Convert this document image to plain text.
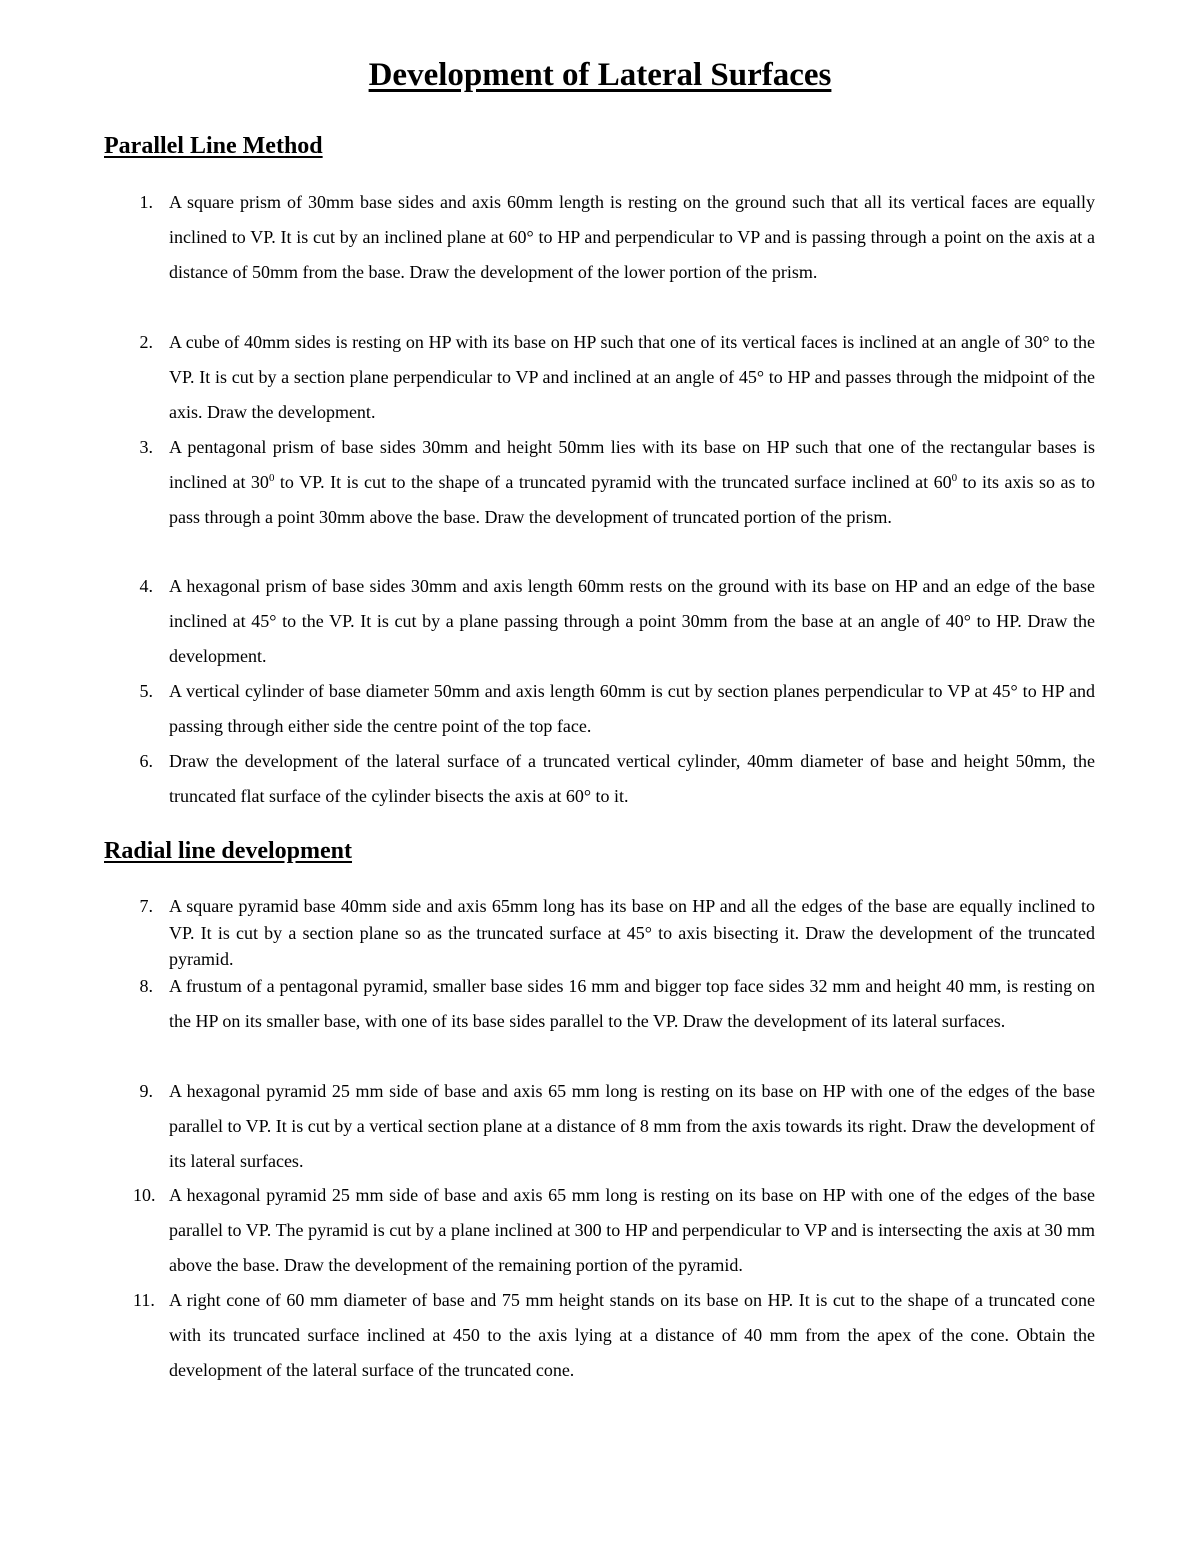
Development of Lateral Surfaces
Parallel Line Method
1. A square prism of 30mm base sides and axis 60mm length is resting on the ground such that all its vertical faces are equally inclined to VP. It is cut by an inclined plane at 60° to HP and perpendicular to VP and is passing through a point on the axis at a distance of 50mm from the base. Draw the development of the lower portion of the prism.
2. A cube of 40mm sides is resting on HP with its base on HP such that one of its vertical faces is inclined at an angle of 30° to the VP. It is cut by a section plane perpendicular to VP and inclined at an angle of 45° to HP and passes through the midpoint of the axis. Draw the development.
3. A pentagonal prism of base sides 30mm and height 50mm lies with its base on HP such that one of the rectangular bases is inclined at $30^0$ to VP. It is cut to the shape of a truncated pyramid with the truncated surface inclined at $60^0$ to its axis so as to pass through a point 30mm above the base. Draw the development of truncated portion of the prism.
4. A hexagonal prism of base sides 30mm and axis length 60mm rests on the ground with its base on HP and an edge of the base inclined at 45° to the VP. It is cut by a plane passing through a point 30mm from the base at an angle of 40° to HP. Draw the development.
5. A vertical cylinder of base diameter 50mm and axis length 60mm is cut by section planes perpendicular to VP at 45° to HP and passing through either side the centre point of the top face.
6. Draw the development of the lateral surface of a truncated vertical cylinder, 40mm diameter of base and height 50mm, the truncated flat surface of the cylinder bisects the axis at 60° to it.
Radial line development
7. A square pyramid base 40mm side and axis 65mm long has its base on HP and all the edges of the base are equally inclined to VP. It is cut by a section plane so as the truncated surface at 45° to axis bisecting it. Draw the development of the truncated pyramid.
8. A frustum of a pentagonal pyramid, smaller base sides 16 mm and bigger top face sides 32 mm and height 40 mm, is resting on the HP on its smaller base, with one of its base sides parallel to the VP. Draw the development of its lateral surfaces.
9. A hexagonal pyramid 25 mm side of base and axis 65 mm long is resting on its base on HP with one of the edges of the base parallel to VP. It is cut by a vertical section plane at a distance of 8 mm from the axis towards its right. Draw the development of its lateral surfaces.
10. A hexagonal pyramid 25 mm side of base and axis 65 mm long is resting on its base on HP with one of the edges of the base parallel to VP. The pyramid is cut by a plane inclined at 300 to HP and perpendicular to VP and is intersecting the axis at 30 mm above the base. Draw the development of the remaining portion of the pyramid.
11. A right cone of 60 mm diameter of base and 75 mm height stands on its base on HP. It is cut to the shape of a truncated cone with its truncated surface inclined at 450 to the axis lying at a distance of 40 mm from the apex of the cone. Obtain the development of the lateral surface of the truncated cone.
